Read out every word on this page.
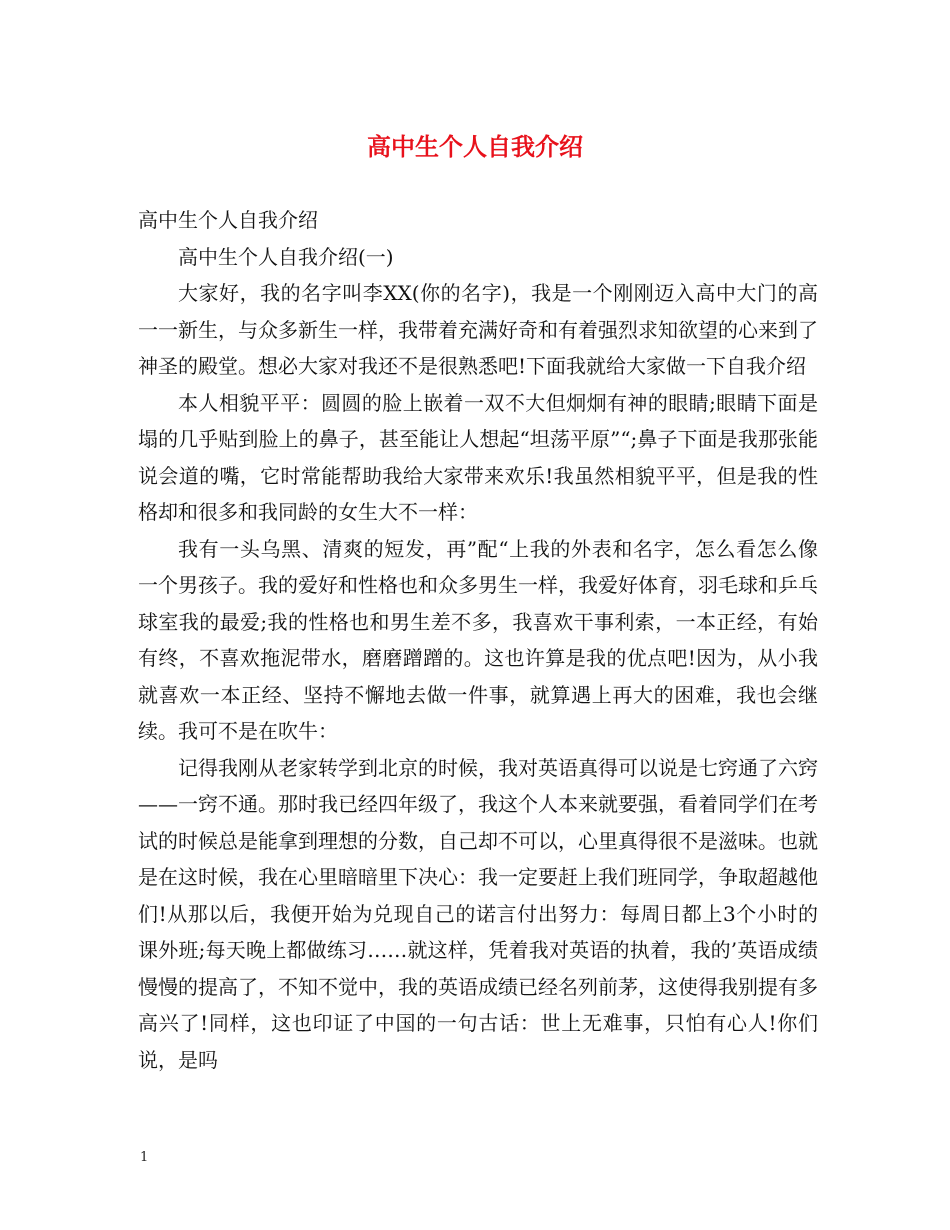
高中生个人自我介绍

高中生个人自我介绍

高中生个人自我介绍(一)

大家好，我的名字叫李XX(你的名字)，我是一个刚刚迈入高中大门的高一一新生，与众多新生一样，我带着充满好奇和有着强烈求知欲望的心来到了神圣的殿堂。想必大家对我还不是很熟悉吧!下面我就给大家做一下自我介绍

本人相貌平平：圆圆的脸上嵌着一双不大但炯炯有神的眼睛;眼睛下面是塌的几乎贴到脸上的鼻子，甚至能让人想起“坦荡平原”“;鼻子下面是我那张能说会道的嘴，它时常能帮助我给大家带来欢乐!我虽然相貌平平，但是我的性格却和很多和我同龄的女生大不一样：

我有一头乌黑、清爽的短发，再”配“上我的外表和名字，怎么看怎么像一个男孩子。我的爱好和性格也和众多男生一样，我爱好体育，羽毛球和乒乓球室我的最爱;我的性格也和男生差不多，我喜欢干事利索，一本正经，有始有终，不喜欢拖泥带水，磨磨蹭蹭的。这也许算是我的优点吧!因为，从小我就喜欢一本正经、坚持不懈地去做一件事，就算遇上再大的困难，我也会继续。我可不是在吹牛：

记得我刚从老家转学到北京的时候，我对英语真得可以说是七窍通了六窍——一窍不通。那时我已经四年级了，我这个人本来就要强，看着同学们在考试的时候总是能拿到理想的分数，自己却不可以，心里真得很不是滋味。也就是在这时候，我在心里暗暗里下决心：我一定要赶上我们班同学，争取超越他们!从那以后，我便开始为兑现自己的诺言付出努力：每周日都上3个小时的课外班;每天晚上都做练习……就这样，凭着我对英语的执着，我的’英语成绩慢慢的提高了，不知不觉中，我的英语成绩已经名列前茅，这使得我别提有多高兴了!同样，这也印证了中国的一句古话：世上无难事，只怕有心人!你们说，是吗

1
